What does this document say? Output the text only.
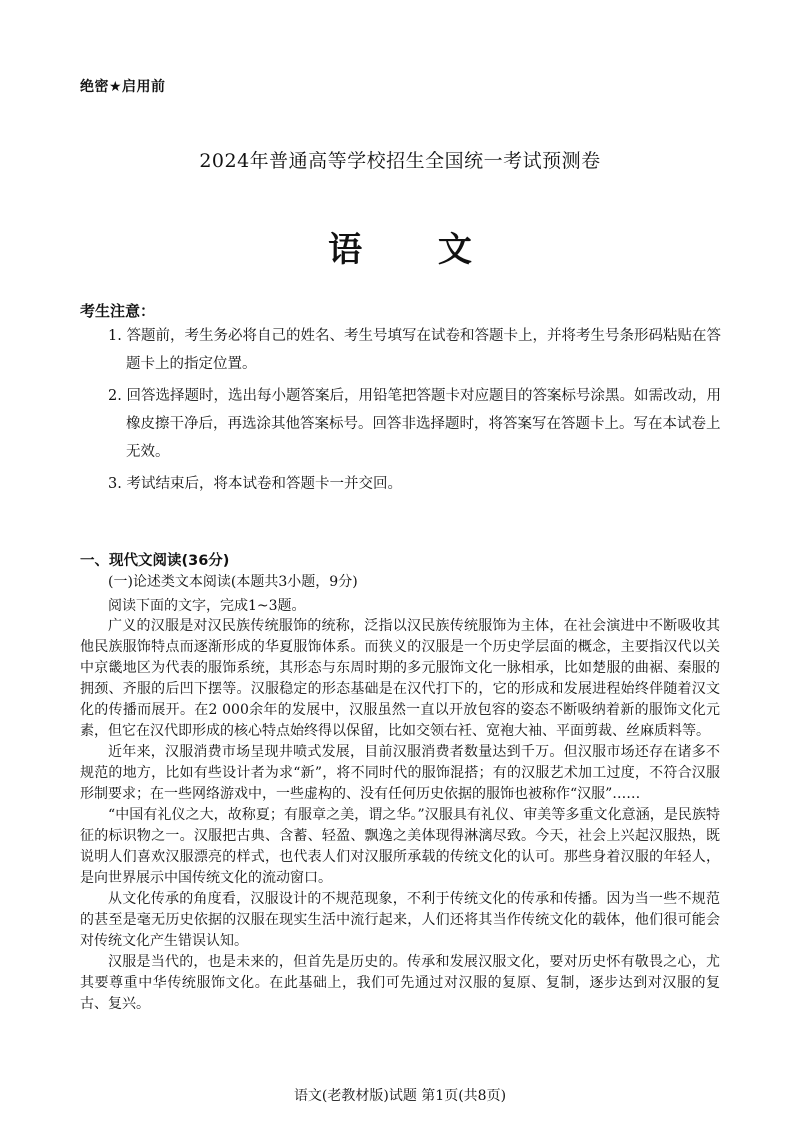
绝密★启用前
2024年普通高等学校招生全国统一考试预测卷
语 文
考生注意：
1. 答题前，考生务必将自己的姓名、考生号填写在试卷和答题卡上，并将考生号条形码粘贴在答题卡上的指定位置。
2. 回答选择题时，选出每小题答案后，用铅笔把答题卡对应题目的答案标号涂黑。如需改动，用橡皮擦干净后，再选涂其他答案标号。回答非选择题时，将答案写在答题卡上。写在本试卷上无效。
3. 考试结束后，将本试卷和答题卡一并交回。
一、现代文阅读(36分)
(一)论述类文本阅读(本题共3小题，9分)
阅读下面的文字，完成1~3题。

广义的汉服是对汉民族传统服饰的统称，泛指以汉民族传统服饰为主体，在社会演进中不断吸收其他民族服饰特点而逐渐形成的华夏服饰体系。而狭义的汉服是一个历史学层面的概念，主要指汉代以关中京畿地区为代表的服饰系统，其形态与东周时期的多元服饰文化一脉相承，比如楚服的曲裾、秦服的拥颈、齐服的后凹下摆等。汉服稳定的形态基础是在汉代打下的，它的形成和发展进程始终伴随着汉文化的传播而展开。在2 000余年的发展中，汉服虽然一直以开放包容的姿态不断吸纳着新的服饰文化元素，但它在汉代即形成的核心特点始终得以保留，比如交领右衽、宽袍大袖、平面剪裁、丝麻质料等。

近年来，汉服消费市场呈现井喷式发展，目前汉服消费者数量达到千万。但汉服市场还存在诸多不规范的地方，比如有些设计者为求“新”，将不同时代的服饰混搭；有的汉服艺术加工过度，不符合汉服形制要求；在一些网络游戏中，一些虚构的、没有任何历史依据的服饰也被称作“汉服”……

“中国有礼仪之大，故称夏；有服章之美，谓之华。”汉服具有礼仪、审美等多重文化意涵，是民族特征的标识物之一。汉服把古典、含蓄、轻盈、飘逸之美体现得淋漓尽致。今天，社会上兴起汉服热，既说明人们喜欢汉服漂亮的样式，也代表人们对汉服所承载的传统文化的认可。那些身着汉服的年轻人，是向世界展示中国传统文化的流动窗口。

从文化传承的角度看，汉服设计的不规范现象，不利于传统文化的传承和传播。因为当一些不规范的甚至是毫无历史依据的汉服在现实生活中流行起来，人们还将其当作传统文化的载体，他们很可能会对传统文化产生错误认知。

汉服是当代的，也是未来的，但首先是历史的。传承和发展汉服文化，要对历史怀有敬畏之心，尤其要尊重中华传统服饰文化。在此基础上，我们可先通过对汉服的复原、复制，逐步达到对汉服的复古、复兴。

语文(老教材版)试题 第1页(共8页)
